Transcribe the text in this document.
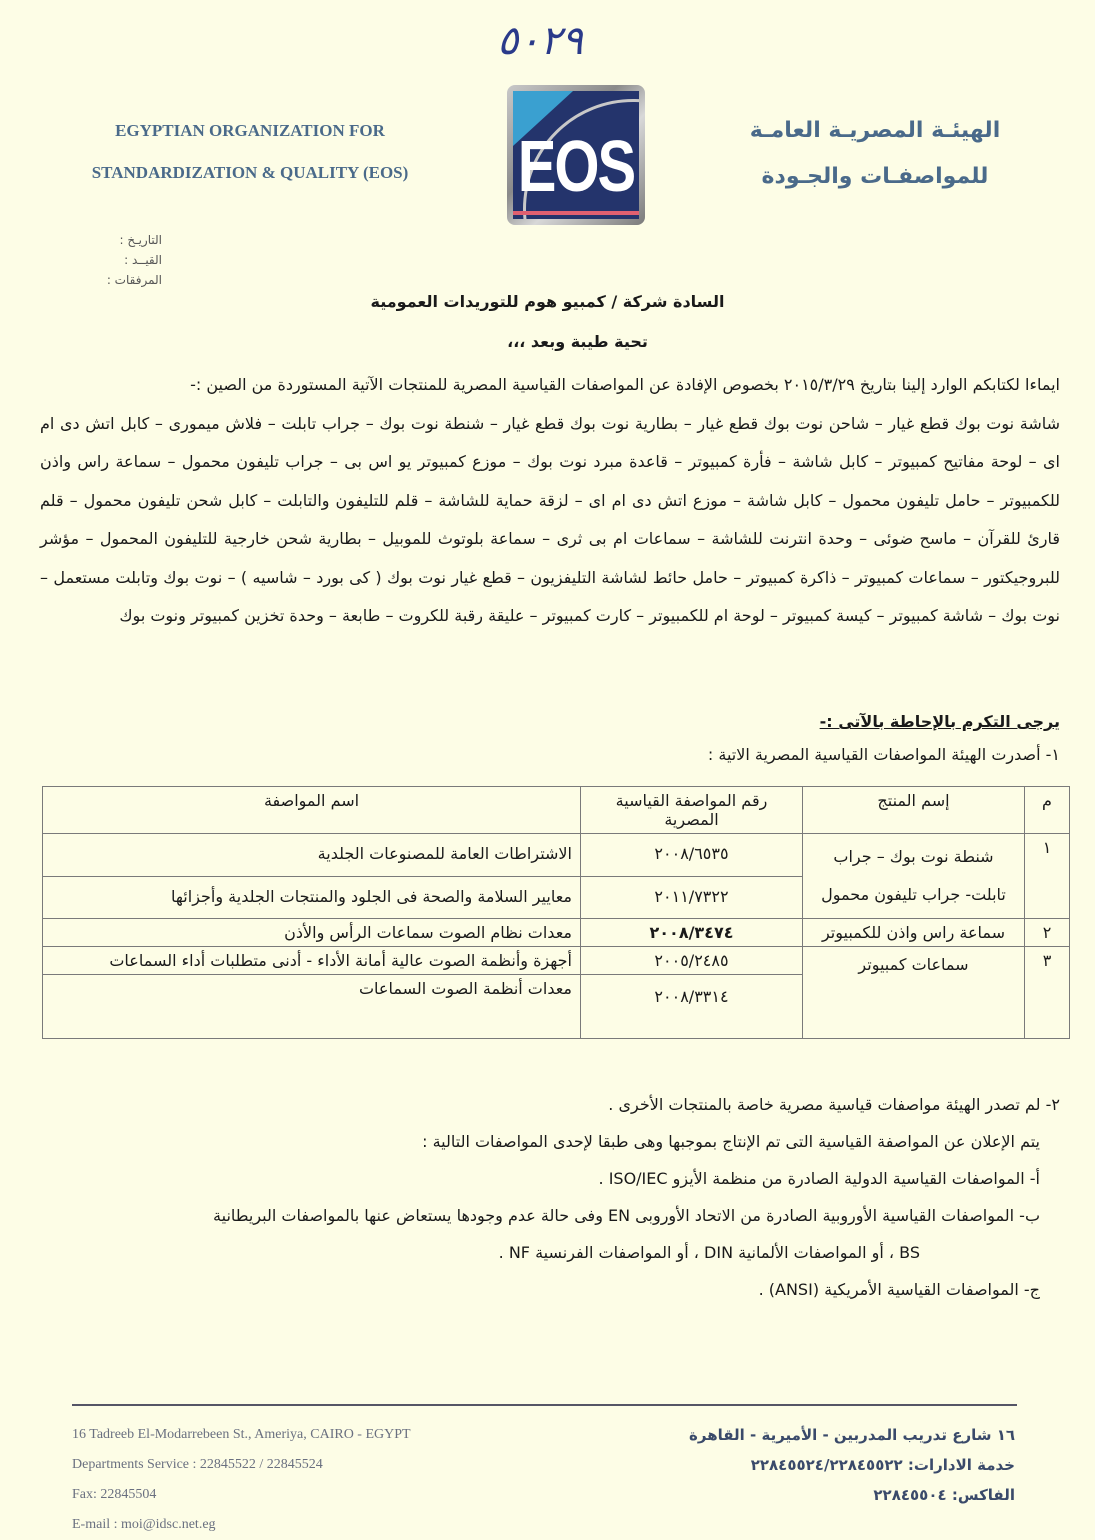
٥٠٢٩
EGYPTIAN ORGANIZATION FOR
STANDARDIZATION & QUALITY (EOS)	EOS	الهيئـة المصريـة العامـة
للمواصفـات والجـودة
التاريـخ :
القيــد :
المرفقات :
السادة شركة / كمبيو هوم للتوريدات العمومية
تحية طيبة وبعد ،،،
ايماءا لكتابكم الوارد إلينا بتاريخ ٢٠١٥/٣/٢٩ بخصوص الإفادة عن المواصفات القياسية المصرية للمنتجات الآتية المستوردة من الصين :-
شاشة نوت بوك قطع غيار – شاحن نوت بوك قطع غيار – بطارية نوت بوك قطع غيار – شنطة نوت بوك – جراب تابلت – فلاش ميمورى – كابل اتش دى ام اى – لوحة مفاتيح كمبيوتر – كابل شاشة – فأرة كمبيوتر – قاعدة مبرد نوت بوك – موزع كمبيوتر يو اس بى – جراب تليفون محمول – سماعة راس واذن للكمبيوتر – حامل تليفون محمول – كابل شاشة – موزع اتش دى ام اى – لزقة حماية للشاشة – قلم للتليفون والتابلت – كابل شحن تليفون محمول – قلم قارئ للقرآن – ماسح ضوئى – وحدة انترنت للشاشة – سماعات ام بى ثرى – سماعة بلوتوث للموبيل – بطارية شحن خارجية للتليفون المحمول – مؤشر للبروجيكتور – سماعات كمبيوتر – ذاكرة كمبيوتر – حامل حائط لشاشة التليفزيون – قطع غيار نوت بوك ( كى بورد – شاسيه ) – نوت بوك وتابلت مستعمل – نوت بوك – شاشة كمبيوتر – كيسة كمبيوتر – لوحة ام للكمبيوتر – كارت كمبيوتر – عليقة رقبة للكروت – طابعة – وحدة تخزين كمبيوتر ونوت بوك
يرجى التكرم بالإحاطة بالآتى :-
١- أصدرت الهيئة المواصفات القياسية المصرية الاتية :
م	إسم المنتج	رقم المواصفة القياسية المصرية	اسم المواصفة
١	شنطة نوت بوك – جراب تابلت- جراب تليفون محمول	٢٠٠٨/٦٥٣٥	الاشتراطات العامة للمصنوعات الجلدية
		٢٠١١/٧٣٢٢	معايير السلامة والصحة فى الجلود والمنتجات الجلدية وأجزائها
٢	سماعة راس واذن للكمبيوتر	٢٠٠٨/٣٤٧٤	معدات نظام الصوت سماعات الرأس والأذن
٣	سماعات كمبيوتر	٢٠٠٥/٢٤٨٥	أجهزة وأنظمة الصوت عالية أمانة الأداء - أدنى متطلبات أداء السماعات
		٢٠٠٨/٣٣١٤	معدات أنظمة الصوت السماعات
٢- لم تصدر الهيئة مواصفات قياسية مصرية خاصة بالمنتجات الأخرى .
يتم الإعلان عن المواصفة القياسية التى تم الإنتاج بموجبها وهى طبقا لإحدى المواصفات التالية :
أ- المواصفات القياسية الدولية الصادرة من منظمة الأيزو ISO/IEC .
ب- المواصفات القياسية الأوروبية الصادرة من الاتحاد الأوروبى EN وفى حالة عدم وجودها يستعاض عنها بالمواصفات البريطانية
BS ، أو المواصفات الألمانية DIN ، أو المواصفات الفرنسية NF .
ج- المواصفات القياسية الأمريكية (ANSI) .
16 Tadreeb El-Modarrebeen St., Ameriya, CAIRO - EGYPT
Departments Service : 22845522 / 22845524
Fax: 22845504
E-mail : moi@idsc.net.eg
١٦ شارع تدريب المدربين - الأميرية - القاهرة
خدمة الادارات: ٢٢٨٤٥٥٢٤/٢٢٨٤٥٥٢٢
الفاكس: ٢٢٨٤٥٥٠٤
